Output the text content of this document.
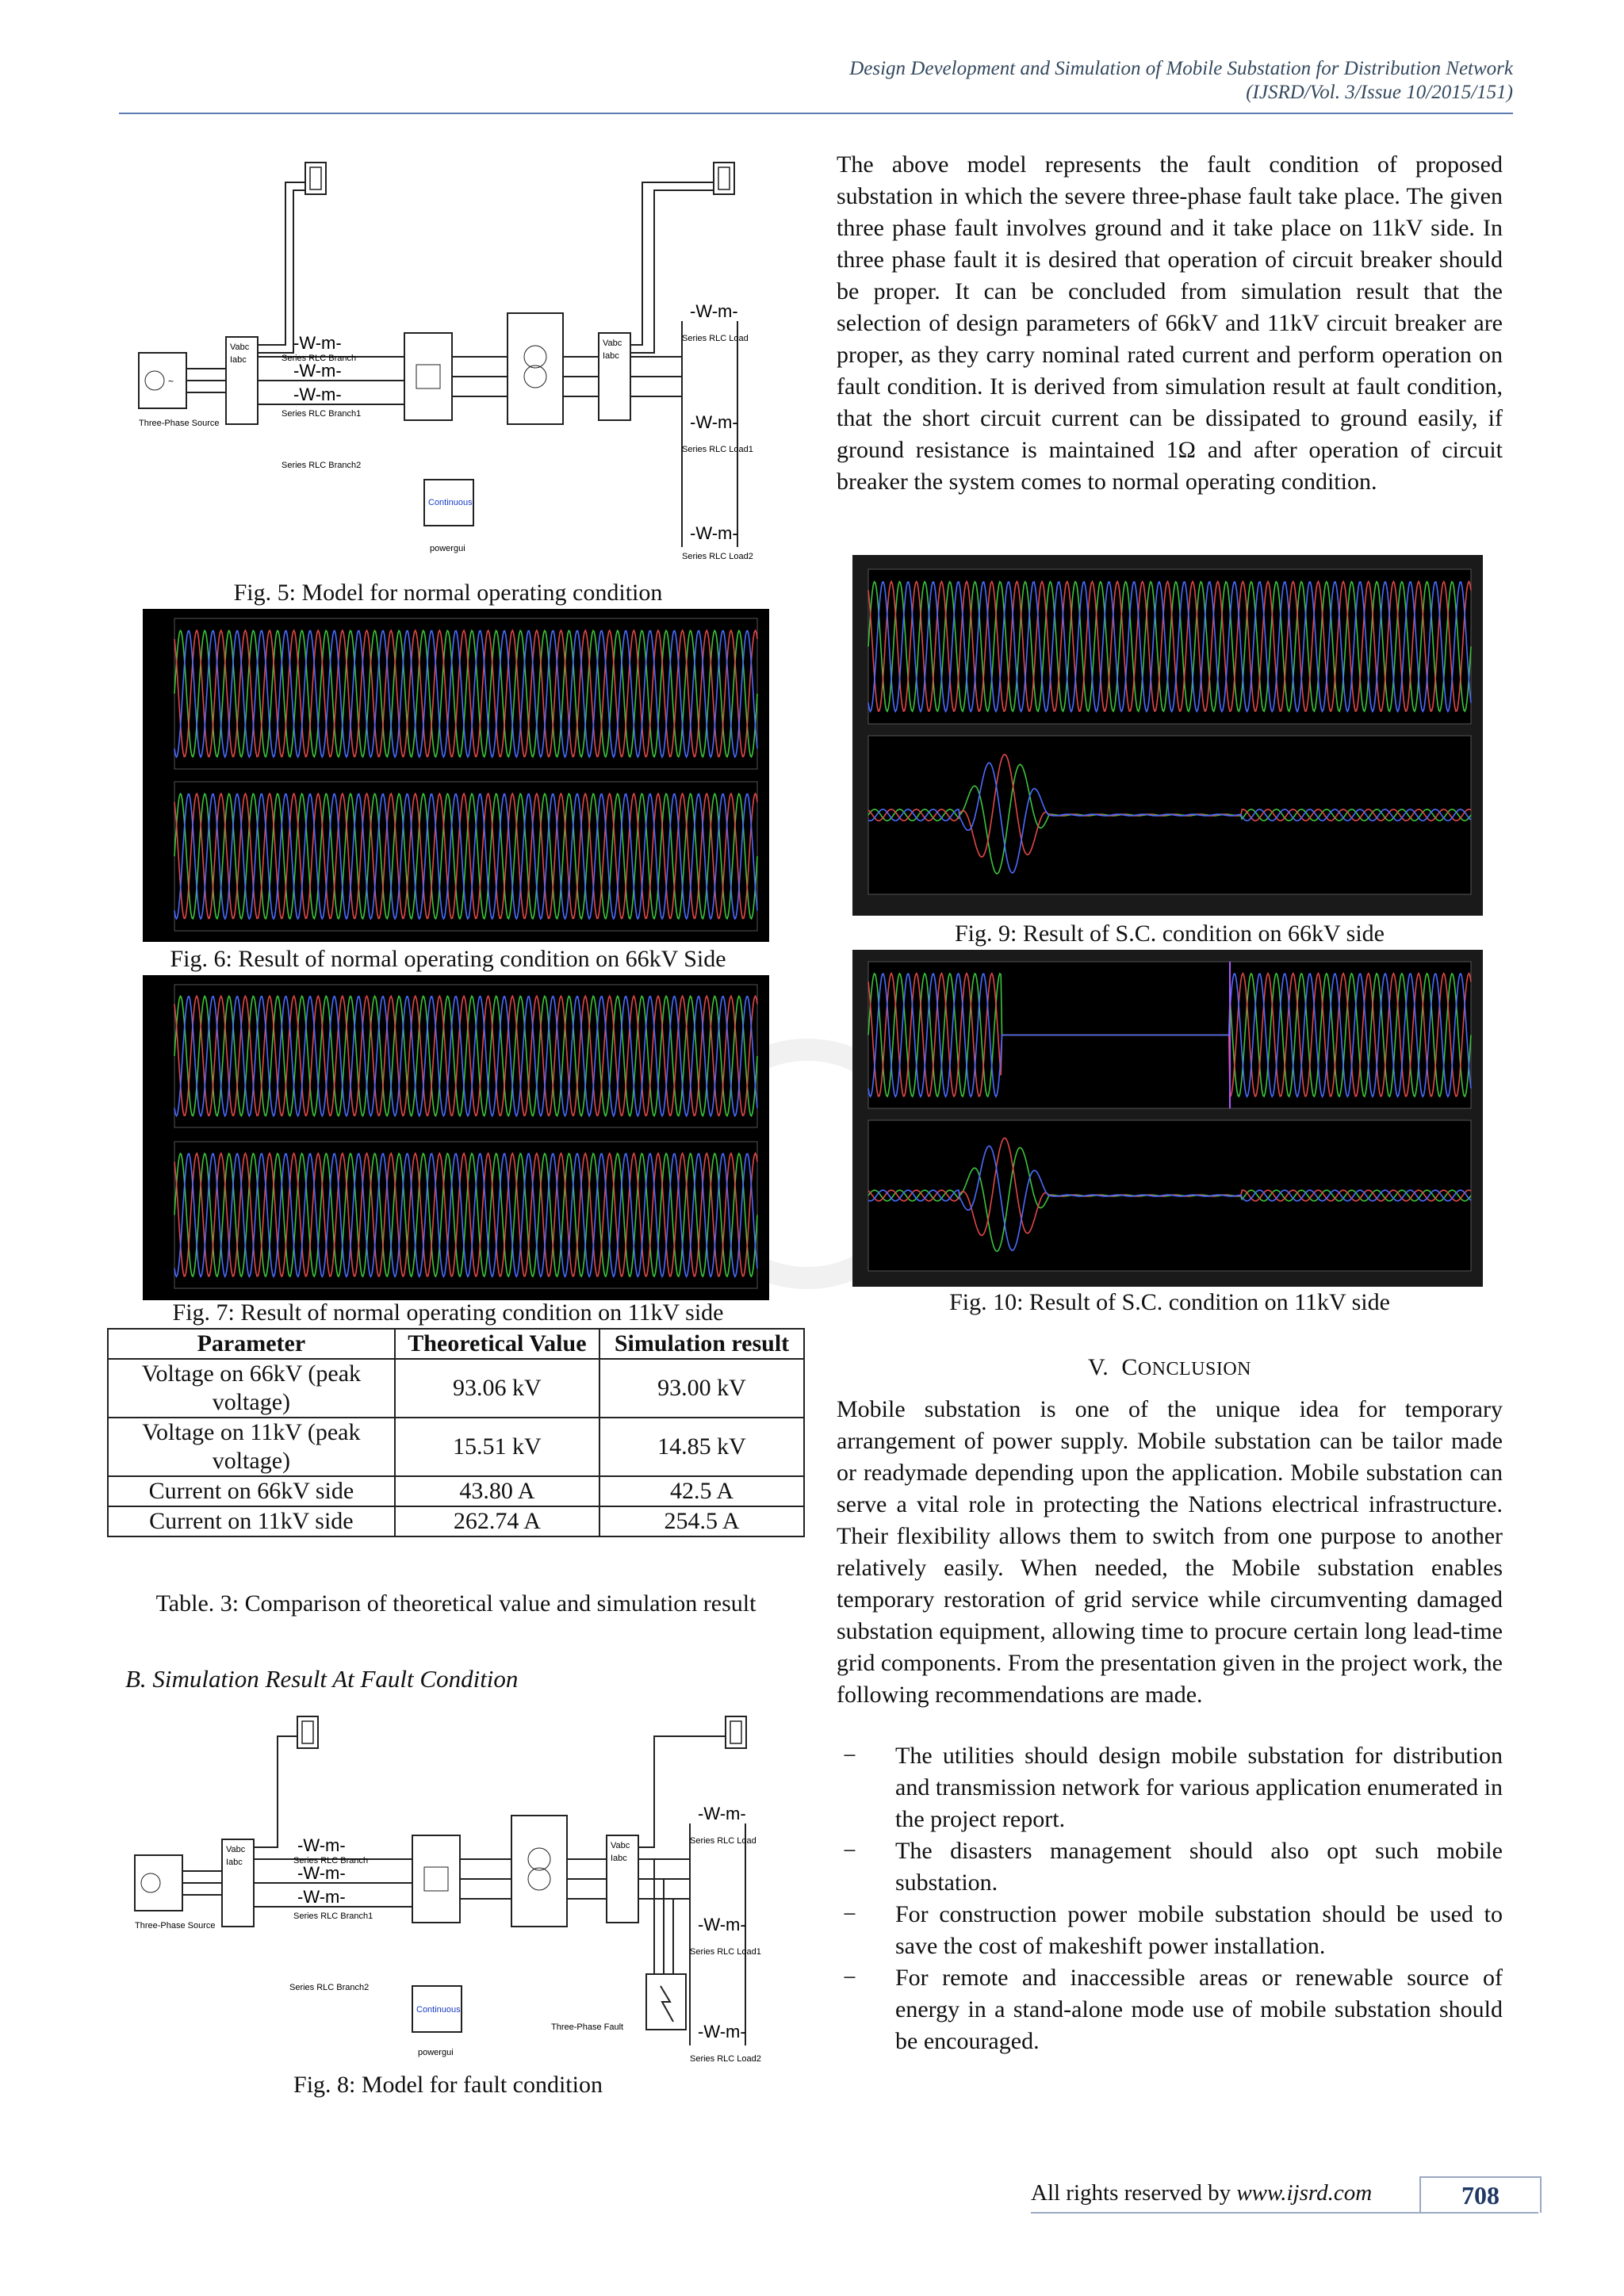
Design Development and Simulation of Mobile Substation for Distribution Network
(IJSRD/Vol. 3/Issue 10/2015/151)
~
Three-Phase Source
Vabc
Iabc
-W-m-
-W-m-
-W-m-
Series RLC Branch
Series RLC Branch1
Series RLC Branch2
Vabc
Iabc
-W-m-
-W-m-
-W-m-
Series RLC Load
Series RLC Load1
Series RLC Load2
Continuous
powergui
Fig. 5: Model for normal operating condition
Fig. 6: Result of normal operating condition on 66kV Side
Fig. 7: Result of normal operating condition on 11kV side
Parameter	Theoretical Value	Simulation result
Voltage on 66kV (peak voltage)	93.06 kV	93.00 kV
Voltage on 11kV (peak voltage)	15.51 kV	14.85 kV
Current on 66kV side	43.80 A	42.5 A
Current on 11kV side	262.74 A	254.5 A
Table. 3: Comparison of theoretical value and simulation result
B. Simulation Result At Fault Condition
Three-Phase Source
Vabc
Iabc
-W-m-
-W-m-
-W-m-
Series RLC Branch
Series RLC Branch1
Series RLC Branch2
Vabc
Iabc
-W-m-
-W-m-
-W-m-
Series RLC Load
Series RLC Load1
Series RLC Load2
Three-Phase Fault
Continuous
powergui
Fig. 8: Model for fault condition

The above model represents the fault condition of proposed substation in which the severe three-phase fault take place. The given three phase fault involves ground and it take place on 11kV side. In three phase fault it is desired that operation of circuit breaker should be proper. It can be concluded from simulation result that the selection of design parameters of 66kV and 11kV circuit breaker are proper, as they carry nominal rated current and perform operation on fault condition. It is derived from simulation result at fault condition, that the short circuit current can be dissipated to ground easily, if ground resistance is maintained 1Ω and after operation of circuit breaker the system comes to normal operating condition.

Fig. 9: Result of S.C. condition on 66kV side
Fig. 10: Result of S.C. condition on 11kV side
V. CONCLUSION

Mobile substation is one of the unique idea for temporary arrangement of power supply. Mobile substation can be tailor made or readymade depending upon the application. Mobile substation can serve a vital role in protecting the Nations electrical infrastructure. Their flexibility allows them to switch from one purpose to another relatively easily. When needed, the Mobile substation enables temporary restoration of grid service while circumventing damaged substation equipment, allowing time to procure certain long lead-time grid components. From the presentation given in the project work, the following recommendations are made.

− The utilities should design mobile substation for distribution and transmission network for various application enumerated in the project report.
− The disasters management should also opt such mobile substation.
− For construction power mobile substation should be used to save the cost of makeshift power installation.
− For remote and inaccessible areas or renewable source of energy in a stand-alone mode use of mobile substation should be encouraged.
All rights reserved by www.ijsrd.com	708
